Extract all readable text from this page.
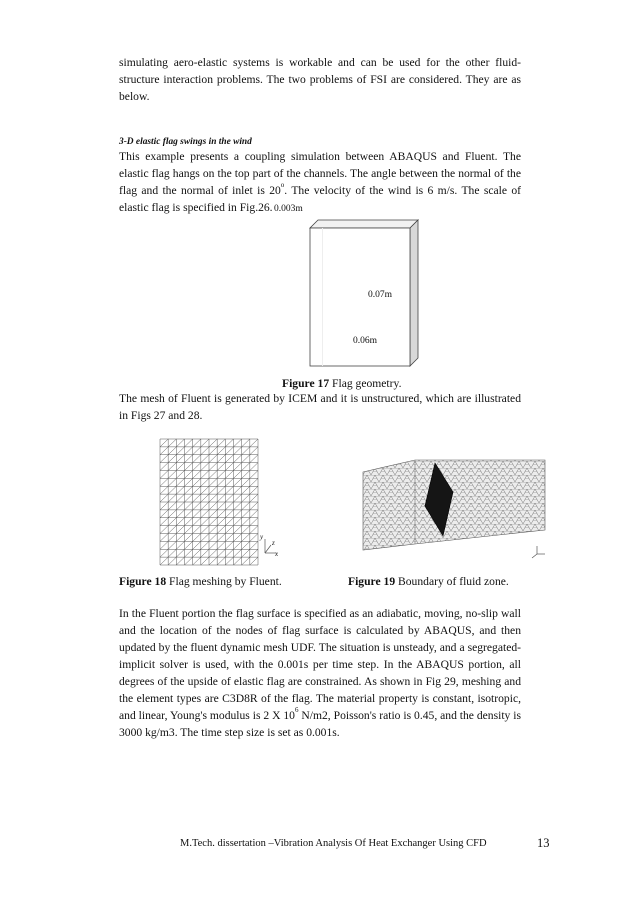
simulating aero-elastic systems is workable and can be used for the other fluid-structure interaction problems. The two problems of FSI are considered. They are as below.

3-D elastic flag swings in the wind

This example presents a coupling simulation between ABAQUS and Fluent. The elastic flag hangs on the top part of the channels. The angle between the normal of the flag and the normal of inlet is 20$^o$. The velocity of the wind is 6 m/s. The scale of elastic flag is specified in Fig.26. 0.003m
0.07m
0.06m
Figure 17 Flag geometry.

The mesh of Fluent is generated by ICEM and it is unstructured, which are illustrated in Figs 27 and 28.

y
z
x
Figure 18 Flag meshing by Fluent.	Figure 19 Boundary of fluid zone.

In the Fluent portion the flag surface is specified as an adiabatic, moving, no-slip wall and the location of the nodes of flag surface is calculated by ABAQUS, and then updated by the fluent dynamic mesh UDF. The situation is unsteady, and a segregated-implicit solver is used, with the 0.001s per time step. In the ABAQUS portion, all degrees of the upside of elastic flag are constrained. As shown in Fig 29, meshing and the element types are C3D8R of the flag. The material property is constant, isotropic, and linear, Young's modulus is 2 X $10^6$ N/m2, Poisson's ratio is 0.45, and the density is 3000 kg/m3. The time step size is set as 0.001s.

M.Tech. dissertation –Vibration Analysis Of Heat Exchanger Using CFD	13
